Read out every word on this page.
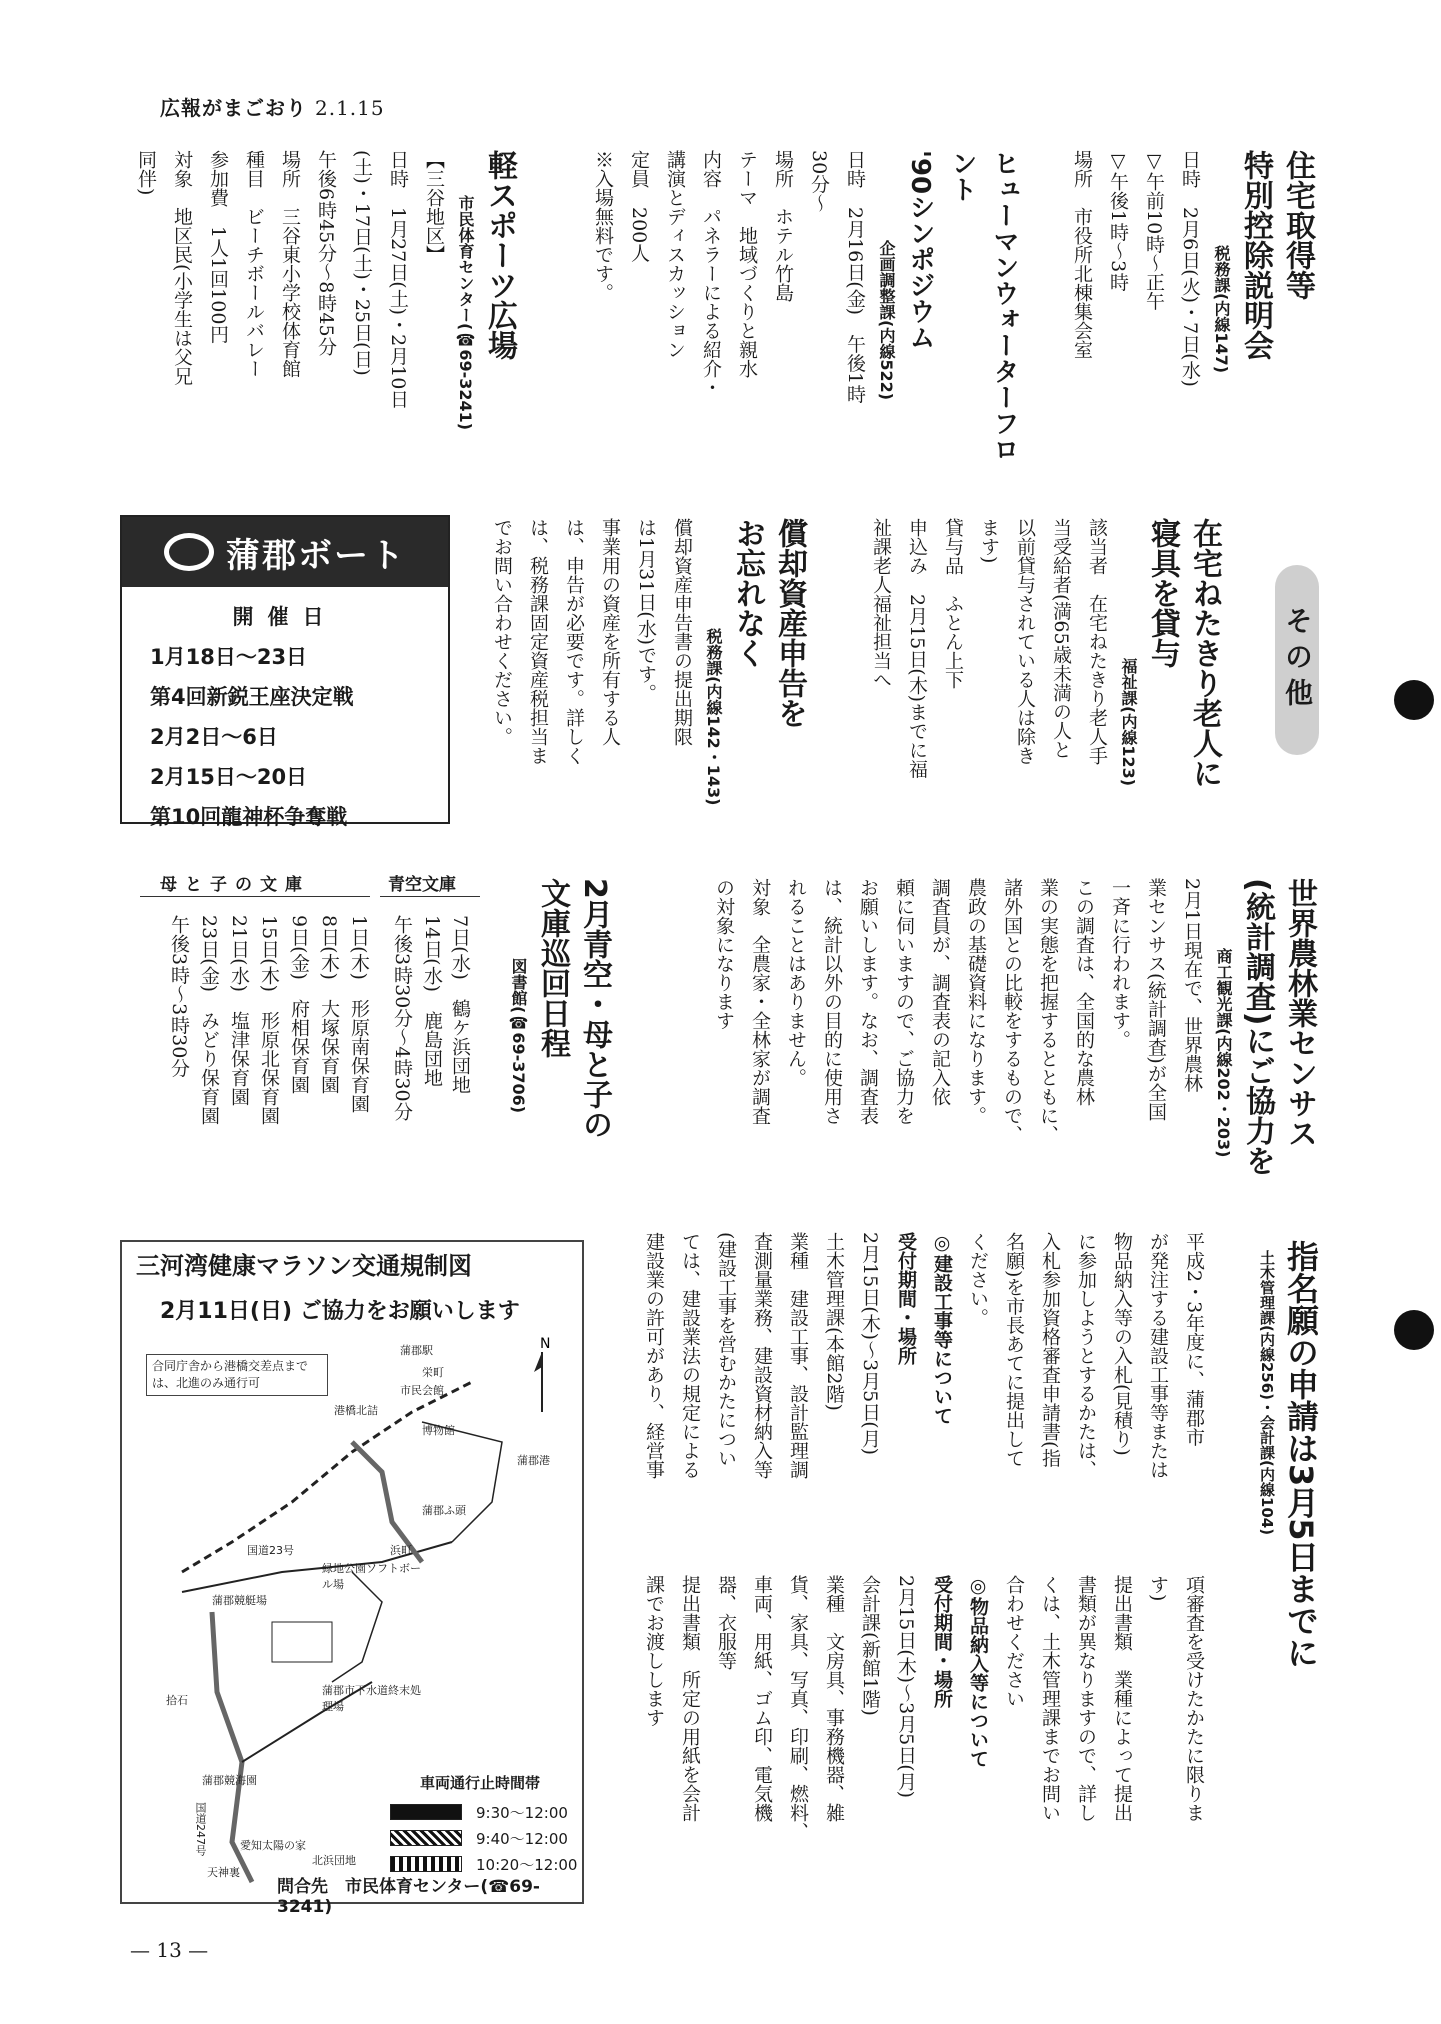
広報がまごおり 2.1.15

住宅取得等

特別控除説明会

税務課(内線147)

日時　2月6日(火)・7日(水)

▽午前10時～正午

▽午後1時～3時

場所　市役所北棟集会室

ヒューマンウォーターフロント

'90シンポジウム

企画調整課(内線522)

日時　2月16日(金)　午後1時

30分～

場所　ホテル竹島

テーマ　地域づくりと親水

内容　パネラーによる紹介・

講演とディスカッション

定員　200人

※入場無料です。

軽スポーツ広場

市民体育センター(☎69-3241)

【三谷地区】

日時　1月27日(土)・2月10日

(土)・17日(土)・25日(日)

午後6時45分～8時45分

場所　三谷東小学校体育館

種目　ビーチボールバレー

参加費　1人1回100円

対象　地区民(小学生は父兄

同伴)

その他

在宅ねたきり老人に

寝具を貸与

福祉課(内線123)

該当者　在宅ねたきり老人手

当受給者(満65歳未満の人と

以前貸与されている人は除き

ます)

貸与品　ふとん上下

申込み　2月15日(木)までに福

祉課老人福祉担当へ

償却資産申告を

お忘れなく

税務課(内線142・143)

償却資産申告書の提出期限

は1月31日(水)です。

事業用の資産を所有する人

は、申告が必要です。詳しく

は、税務課固定資産税担当ま

でお問い合わせください。

蒲郡ボート
開催日
1月18日～23日
第4回新鋭王座決定戦
2月2日～6日
2月15日～20日
第10回龍神杯争奪戦

世界農林業センサス

(統計調査)にご協力を

商工観光課(内線202・203)

2月1日現在で、世界農林

業センサス(統計調査)が全国

一斉に行われます。

この調査は、全国的な農林

業の実態を把握するとともに、

諸外国との比較をするもので、

農政の基礎資料になります。

調査員が、調査表の記入依

頼に伺いますので、ご協力を

お願いします。なお、調査表

は、統計以外の目的に使用さ

れることはありません。

対象　全農家・全林家が調査

の対象になります

2月青空・母と子の

文庫巡回日程

図書館(☎69-3706)
青空文庫
母と子の文庫
7日(水)　鶴ケ浜団地
14日(水)　鹿島団地
午後3時30分～4時30分
1日(木)　形原南保育園
8日(木)　大塚保育園
9日(金)　府相保育園
15日(木)　形原北保育園
21日(水)　塩津保育園
23日(金)　みどり保育園
午後3時～3時30分

指名願の申請は3月5日までに

土木管理課(内線256)・会計課(内線104)

平成2・3年度に、蒲郡市

が発注する建設工事等または

物品納入等の入札(見積り)

に参加しようとするかたは、

入札参加資格審査申請書(指

名願)を市長あてに提出して

ください。

◎建設工事等について

受付期間・場所

2月15日(木)～3月5日(月)

土木管理課(本館2階)

業種　建設工事、設計監理調

査測量業務、建設資材納入等

(建設工事を営むかたについ

ては、建設業法の規定による

建設業の許可があり、経営事

項審査を受けたかたに限りま

す)

提出書類　業種によって提出

書類が異なりますので、詳し

くは、土木管理課までお問い

合わせください

◎物品納入等について

受付期間・場所

2月15日(木)～3月5日(月)

会計課(新館1階)

業種　文房具、事務機器、雑

貨、家具、写真、印刷、燃料、

車両、用紙、ゴム印、電気機

器、衣服等

提出書類　所定の用紙を会計

課でお渡しします

三河湾健康マラソン交通規制図
2月11日(日) ご協力をお願いします
合同庁舎から港橋交差点までは、北進のみ通行可
N
蒲郡駅
栄町
市民会館
港橋北詰
博物館
蒲郡港
国道23号
蒲郡競艇場
蒲郡ふ頭
浜町
緑地公園ソフトボール場
拾石
蒲郡市下水道終末処理場
蒲郡競海園
国道247号	愛知太陽の家
北浜団地
天神裏
車両通行止時間帯
9:30～12:00
9:40～12:00
10:20～12:00
問合先　市民体育センター(☎69-3241)
— 13 —
